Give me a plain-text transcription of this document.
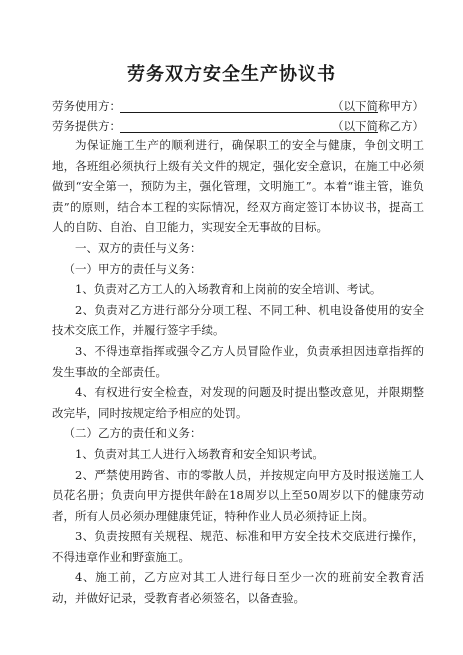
劳务双方安全生产协议书
劳务使用方：	（以下简称甲方）
劳务提供方：	（以下简称乙方）

为保证施工生产的顺利进行，确保职工的安全与健康，争创文明工地，各班组必须执行上级有关文件的规定，强化安全意识，在施工中必须做到“安全第一，预防为主，强化管理，文明施工”。本着“谁主管，谁负责”的原则，结合本工程的实际情况，经双方商定签订本协议书，提高工人的自防、自治、自卫能力，实现安全无事故的目标。

一、双方的责任与义务：

（一）甲方的责任与义务：

1、负责对乙方工人的入场教育和上岗前的安全培训、考试。

2、负责对乙方进行部分分项工程、不同工种、机电设备使用的安全技术交底工作，并履行签字手续。

3、不得违章指挥或强令乙方人员冒险作业，负责承担因违章指挥的发生事故的全部责任。

4、有权进行安全检查，对发现的问题及时提出整改意见，并限期整改完毕，同时按规定给予相应的处罚。

（二）乙方的责任和义务：

1、负责对其工人进行入场教育和安全知识考试。

2、严禁使用跨省、市的零散人员，并按规定向甲方及时报送施工人员花名册；负责向甲方提供年龄在18周岁以上至50周岁以下的健康劳动者，所有人员必须办理健康凭证，特种作业人员必须持证上岗。

3、负责按照有关规程、规范、标准和甲方安全技术交底进行操作，不得违章作业和野蛮施工。

4、施工前，乙方应对其工人进行每日至少一次的班前安全教育活动，并做好记录，受教育者必须签名，以备查验。
